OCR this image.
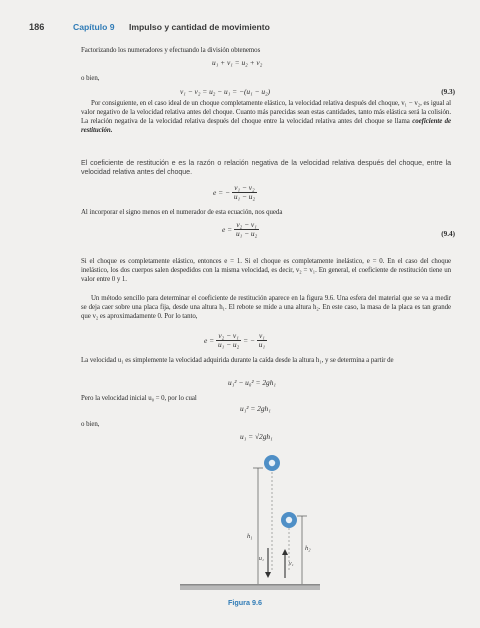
186	Capítulo 9 Impulso y cantidad de movimiento
Factorizando los numeradores y efectuando la división obtenemos
u₁ + v₁ = u₂ + v₂
o bien,
v₁ − v₂ = u₂ − u₁ = −(u₁ − u₂)	(9.3)
Por consiguiente, en el caso ideal de un choque completamente elástico, la velocidad relativa después del choque, v₁ − v₂, es igual al valor negativo de la velocidad relativa antes del choque. Cuanto más parecidas sean estas cantidades, tanto más elástica será la colisión. La relación negativa de la velocidad relativa después del choque entre la velocidad relativa antes del choque se llama coeficiente de restitución.
El coeficiente de restitución e es la razón o relación negativa de la velocidad relativa después del choque, entre la velocidad relativa antes del choque.
e = −
$\frac{\text{v₁ − v₂}}{\text{u₁ − u₂}}$
Al incorporar el signo menos en el numerador de esta ecuación, nos queda
e =
$\frac{\text{v₂ − v₁}}{\text{u₁ − u₂}}$	(9.4)
Si el choque es completamente elástico, entonces e = 1. Si el choque es completamente inelástico, e = 0. En el caso del choque inelástico, los dos cuerpos salen despedidos con la misma velocidad, es decir, v₂ = v₁. En general, el coeficiente de restitución tiene un valor entre 0 y 1.
Un método sencillo para determinar el coeficiente de restitución aparece en la figura 9.6. Una esfera del material que se va a medir se deja caer sobre una placa fija, desde una altura h₁. El rebote se mide a una altura h₂. En este caso, la masa de la placa es tan grande que v₂ es aproximadamente 0. Por lo tanto,
e =
$\frac{\text{v₂ − v₁}}{\text{u₁ − u₂}}$
= −
$\frac{\text{v₁}}{\text{u₁}}$
La velocidad u₁ es simplemente la velocidad adquirida durante la caída desde la altura h₁, y se determina a partir de
u₁² − u₀² = 2gh₁
Pero la velocidad inicial u₀ = 0, por lo cual
u₁² = 2gh₁
o bien,
u₁ = √2gh₁
h₁
h₂
u₁
v₁
Figura 9.6
